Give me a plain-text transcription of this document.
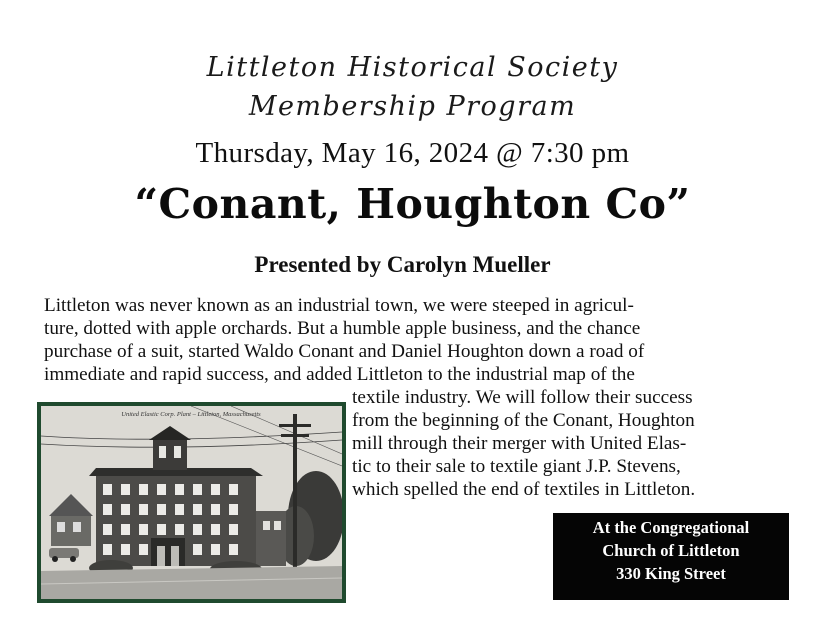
Littleton Historical Society
Membership Program
Thursday, May 16, 2024 @ 7:30 pm
“Conant, Houghton Co”
Presented by Carolyn Mueller
Littleton was never known as an industrial town, we were steeped in agricul-
ture, dotted with apple orchards. But a humble apple business, and the chance
purchase of a suit, started Waldo Conant and Daniel Houghton down a road of
immediate and rapid success, and added Littleton to the industrial map of the
textile industry. We will follow their success
from the beginning of the Conant, Houghton
mill through their merger with United Elas-
tic to their sale to textile giant J.P. Stevens,
which spelled the end of textiles in Littleton.
United Elastic Corp. Plant – Littleton, Massachusetts
At the Congregational
Church of Littleton
330 King Street
